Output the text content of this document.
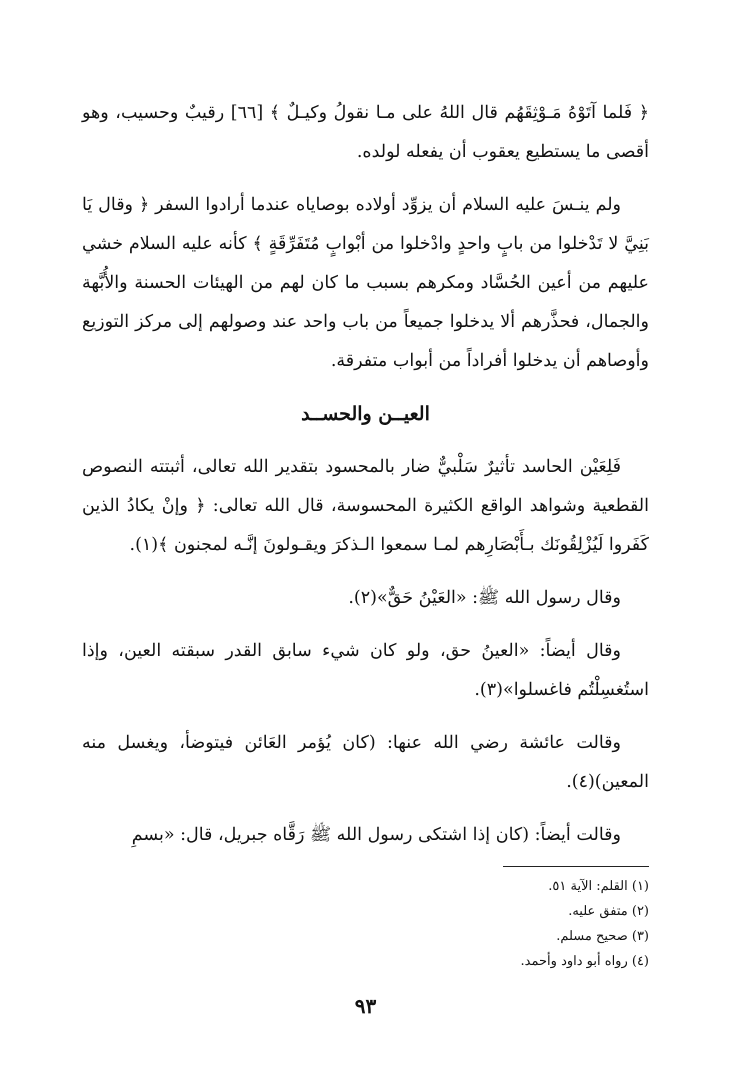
﴿ فَلما آتَوْهُ مَـوْثِقَهُم قال اللهُ على مـا نقولُ وكيـلٌ ﴾ [٦٦] رقيبٌ وحسيب، وهو أقصى ما يستطيع يعقوب أن يفعله لولده.

ولم ينـسَ عليه السلام أن يزوِّد أولاده بوصاياه عندما أرادوا السفر ﴿ وقال يَا بَنِيَّ لا تَدْخلوا من بابٍ واحدٍ وادْخلوا من أبْوابٍ مُتَفَرِّقَةٍ ﴾ كأنه عليه السلام خشي عليهم من أعين الحُسَّاد ومكرهم بسبب ما كان لهم من الهيئات الحسنة والأُبَّهة والجمال، فحذَّرهم ألا يدخلوا جميعاً من باب واحد عند وصولهم إلى مركز التوزيع وأوصاهم أن يدخلوا أفراداً من أبواب متفرقة.

العيــن والحســد

فَلِعَيْن الحاسد تأثيرٌ سَلْبيٌّ ضار بالمحسود بتقدير الله تعالى، أثبتته النصوص القطعية وشواهد الواقع الكثيرة المحسوسة، قال الله تعالى: ﴿ وإنْ يكادُ الذين كَفَروا لَيُزْلِقُونَك بـأَبْصَارِهم لمـا سمعوا الـذكرَ ويقـولونَ إنَّـه لمجنون ﴾(١).

وقال رسول الله ﷺ: «العَيْنُ حَقٌّ»(٢).

وقال أيضاً: «العينُ حق، ولو كان شيء سابق القدر سبقته العين، وإذا استُغسِلْتُم فاغسلوا»(٣).

وقالت عائشة رضي الله عنها: (كان يُؤمر العَائن فيتوضأ، ويغسل منه المعين)(٤).

وقالت أيضاً: (كان إذا اشتكى رسول الله ﷺ رَقَّاه جبريل، قال: «بسمِ

(١) القلم: الآية ٥١.
(٢) متفق عليه.
(٣) صحيح مسلم.
(٤) رواه أبو داود وأحمد.
٩٣
